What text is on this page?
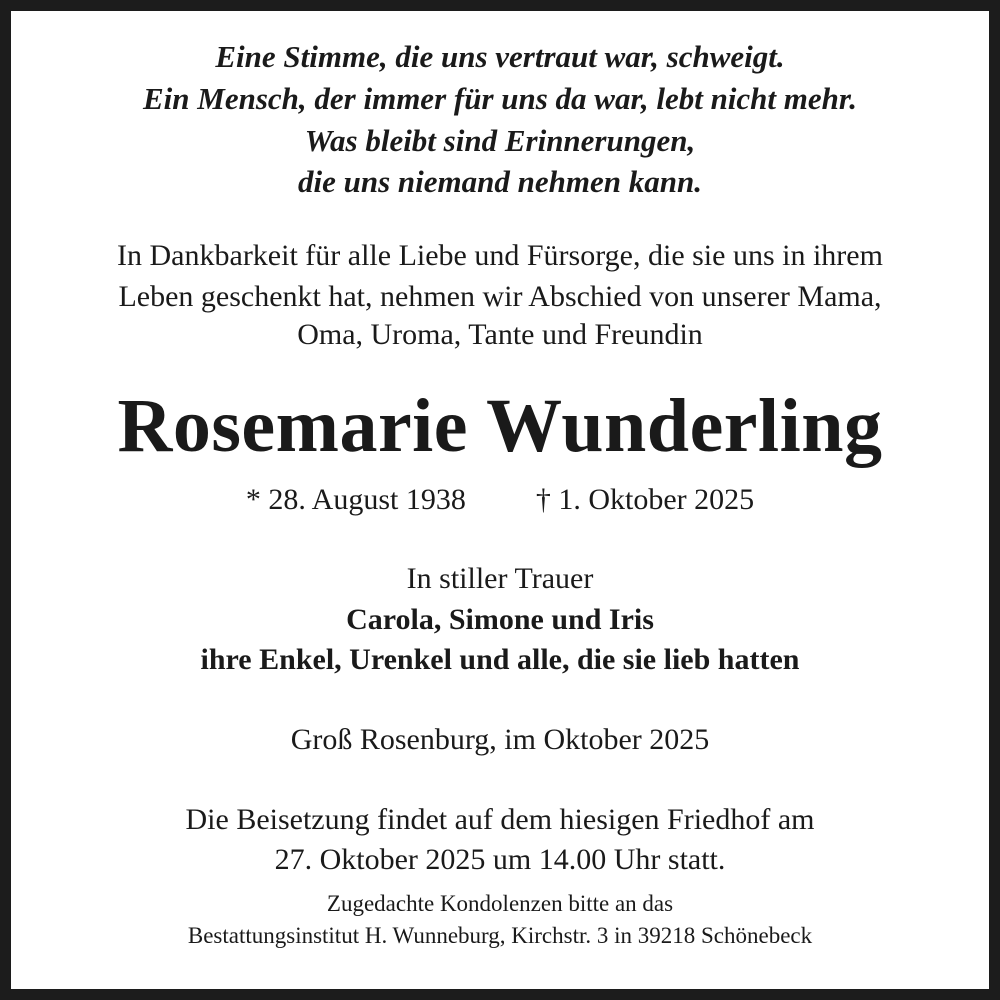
Eine Stimme, die uns vertraut war, schweigt.
Ein Mensch, der immer für uns da war, lebt nicht mehr.
Was bleibt sind Erinnerungen,
die uns niemand nehmen kann.
In Dankbarkeit für alle Liebe und Fürsorge, die sie uns in ihrem
Leben geschenkt hat, nehmen wir Abschied von unserer Mama,
Oma, Uroma, Tante und Freundin
Rosemarie Wunderling
* 28. August 1938 † 1. Oktober 2025
In stiller Trauer
Carola, Simone und Iris
ihre Enkel, Urenkel und alle, die sie lieb hatten
Groß Rosenburg, im Oktober 2025
Die Beisetzung findet auf dem hiesigen Friedhof am
27. Oktober 2025 um 14.00 Uhr statt.
Zugedachte Kondolenzen bitte an das
Bestattungsinstitut H. Wunneburg, Kirchstr. 3 in 39218 Schönebeck
